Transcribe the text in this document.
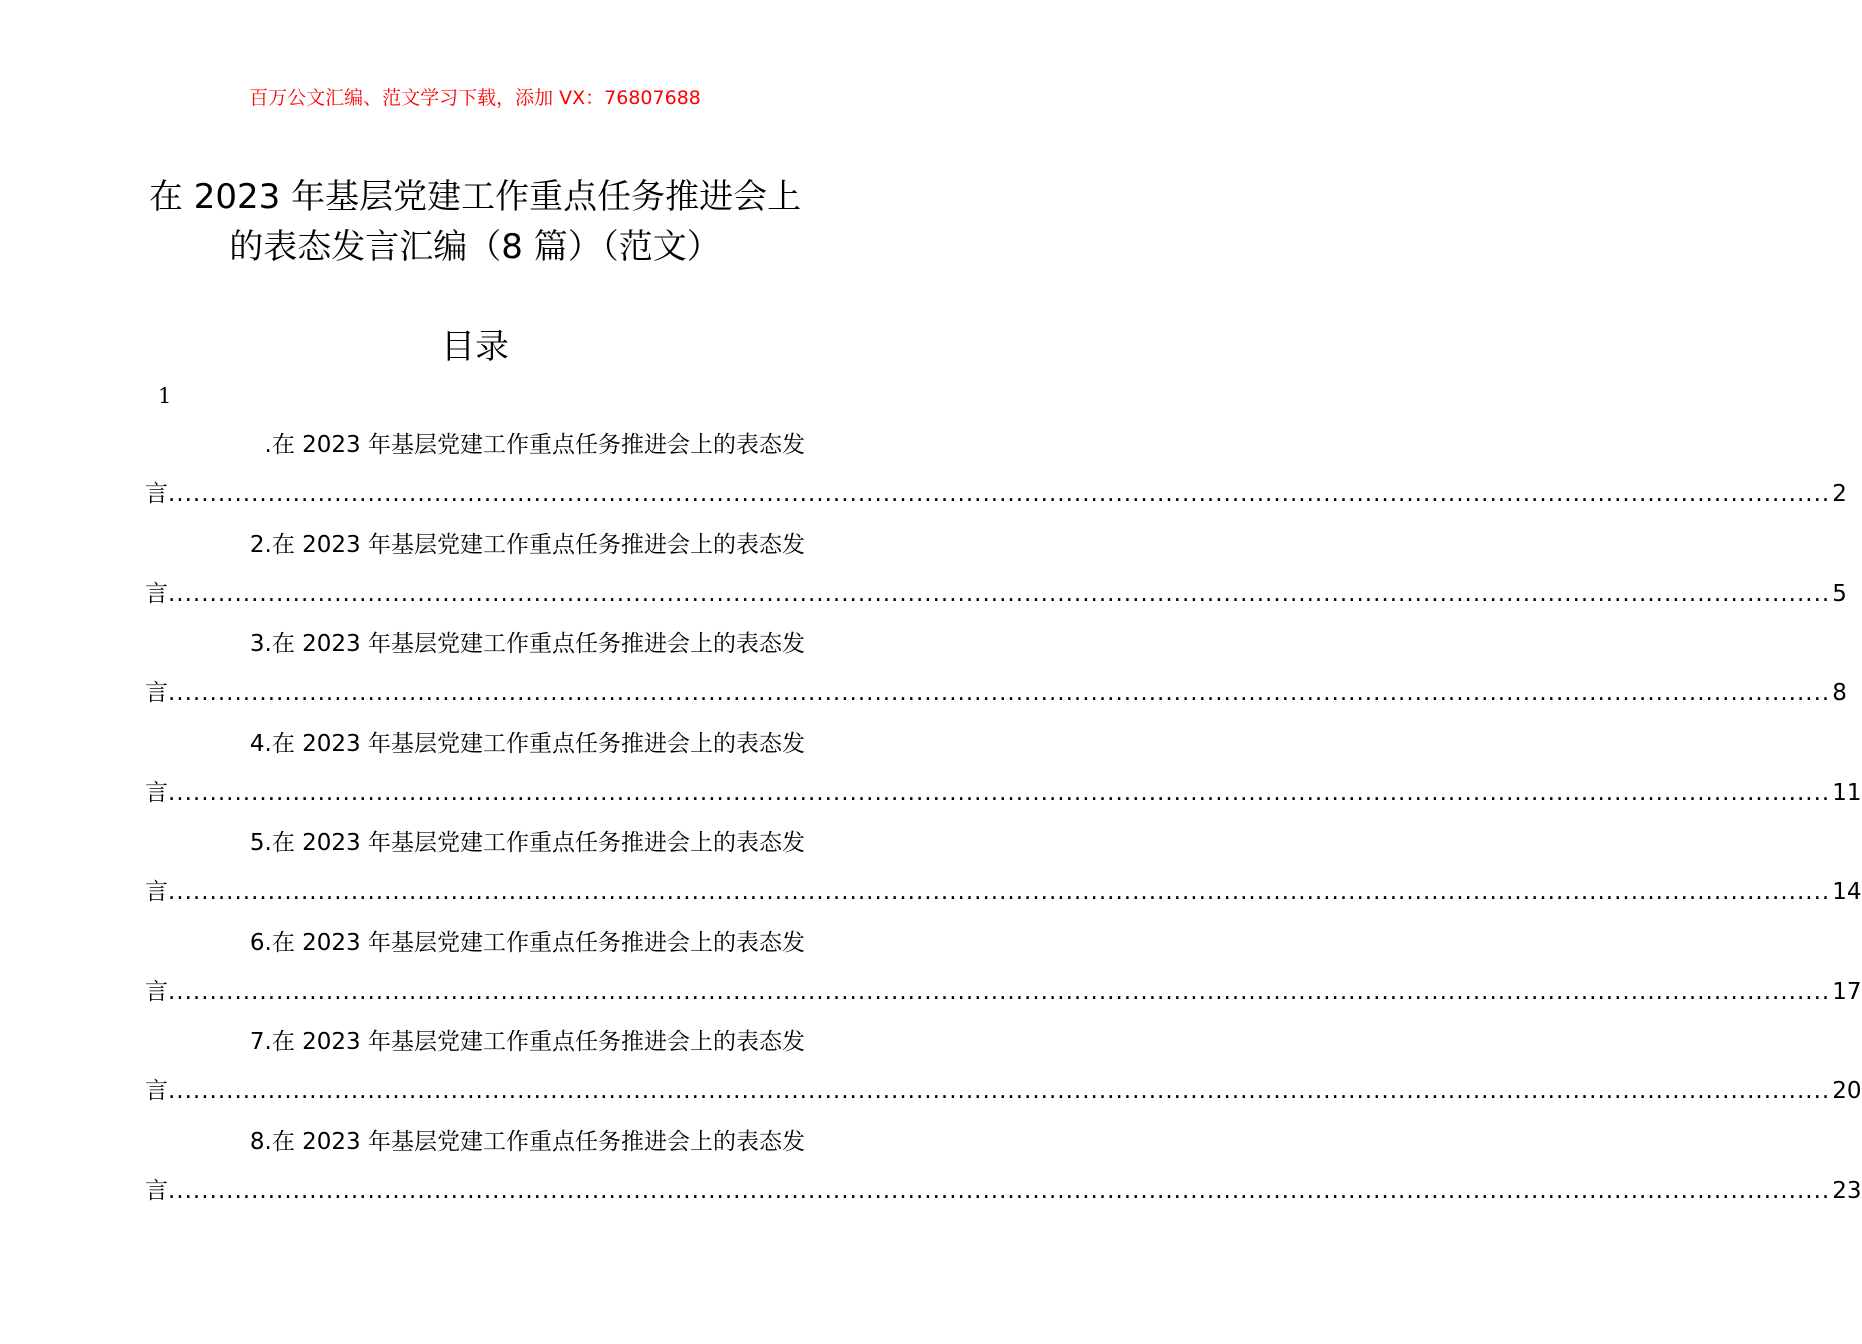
百万公文汇编、范文学习下载，添加 VX：76807688
在 2023 年基层党建工作重点任务推进会上
的表态发言汇编（8 篇）（范文）
目录
1
.在 2023 年基层党建工作重点任务推进会上的表态发
言 ........................................................................................................................................................................................................ 2
2.在 2023 年基层党建工作重点任务推进会上的表态发
言 ........................................................................................................................................................................................................ 5
3.在 2023 年基层党建工作重点任务推进会上的表态发
言 ........................................................................................................................................................................................................ 8
4.在 2023 年基层党建工作重点任务推进会上的表态发
言 ........................................................................................................................................................................................................ 11
5.在 2023 年基层党建工作重点任务推进会上的表态发
言 ........................................................................................................................................................................................................ 14
6.在 2023 年基层党建工作重点任务推进会上的表态发
言 ........................................................................................................................................................................................................ 17
7.在 2023 年基层党建工作重点任务推进会上的表态发
言 ........................................................................................................................................................................................................ 20
8.在 2023 年基层党建工作重点任务推进会上的表态发
言 ........................................................................................................................................................................................................ 23
